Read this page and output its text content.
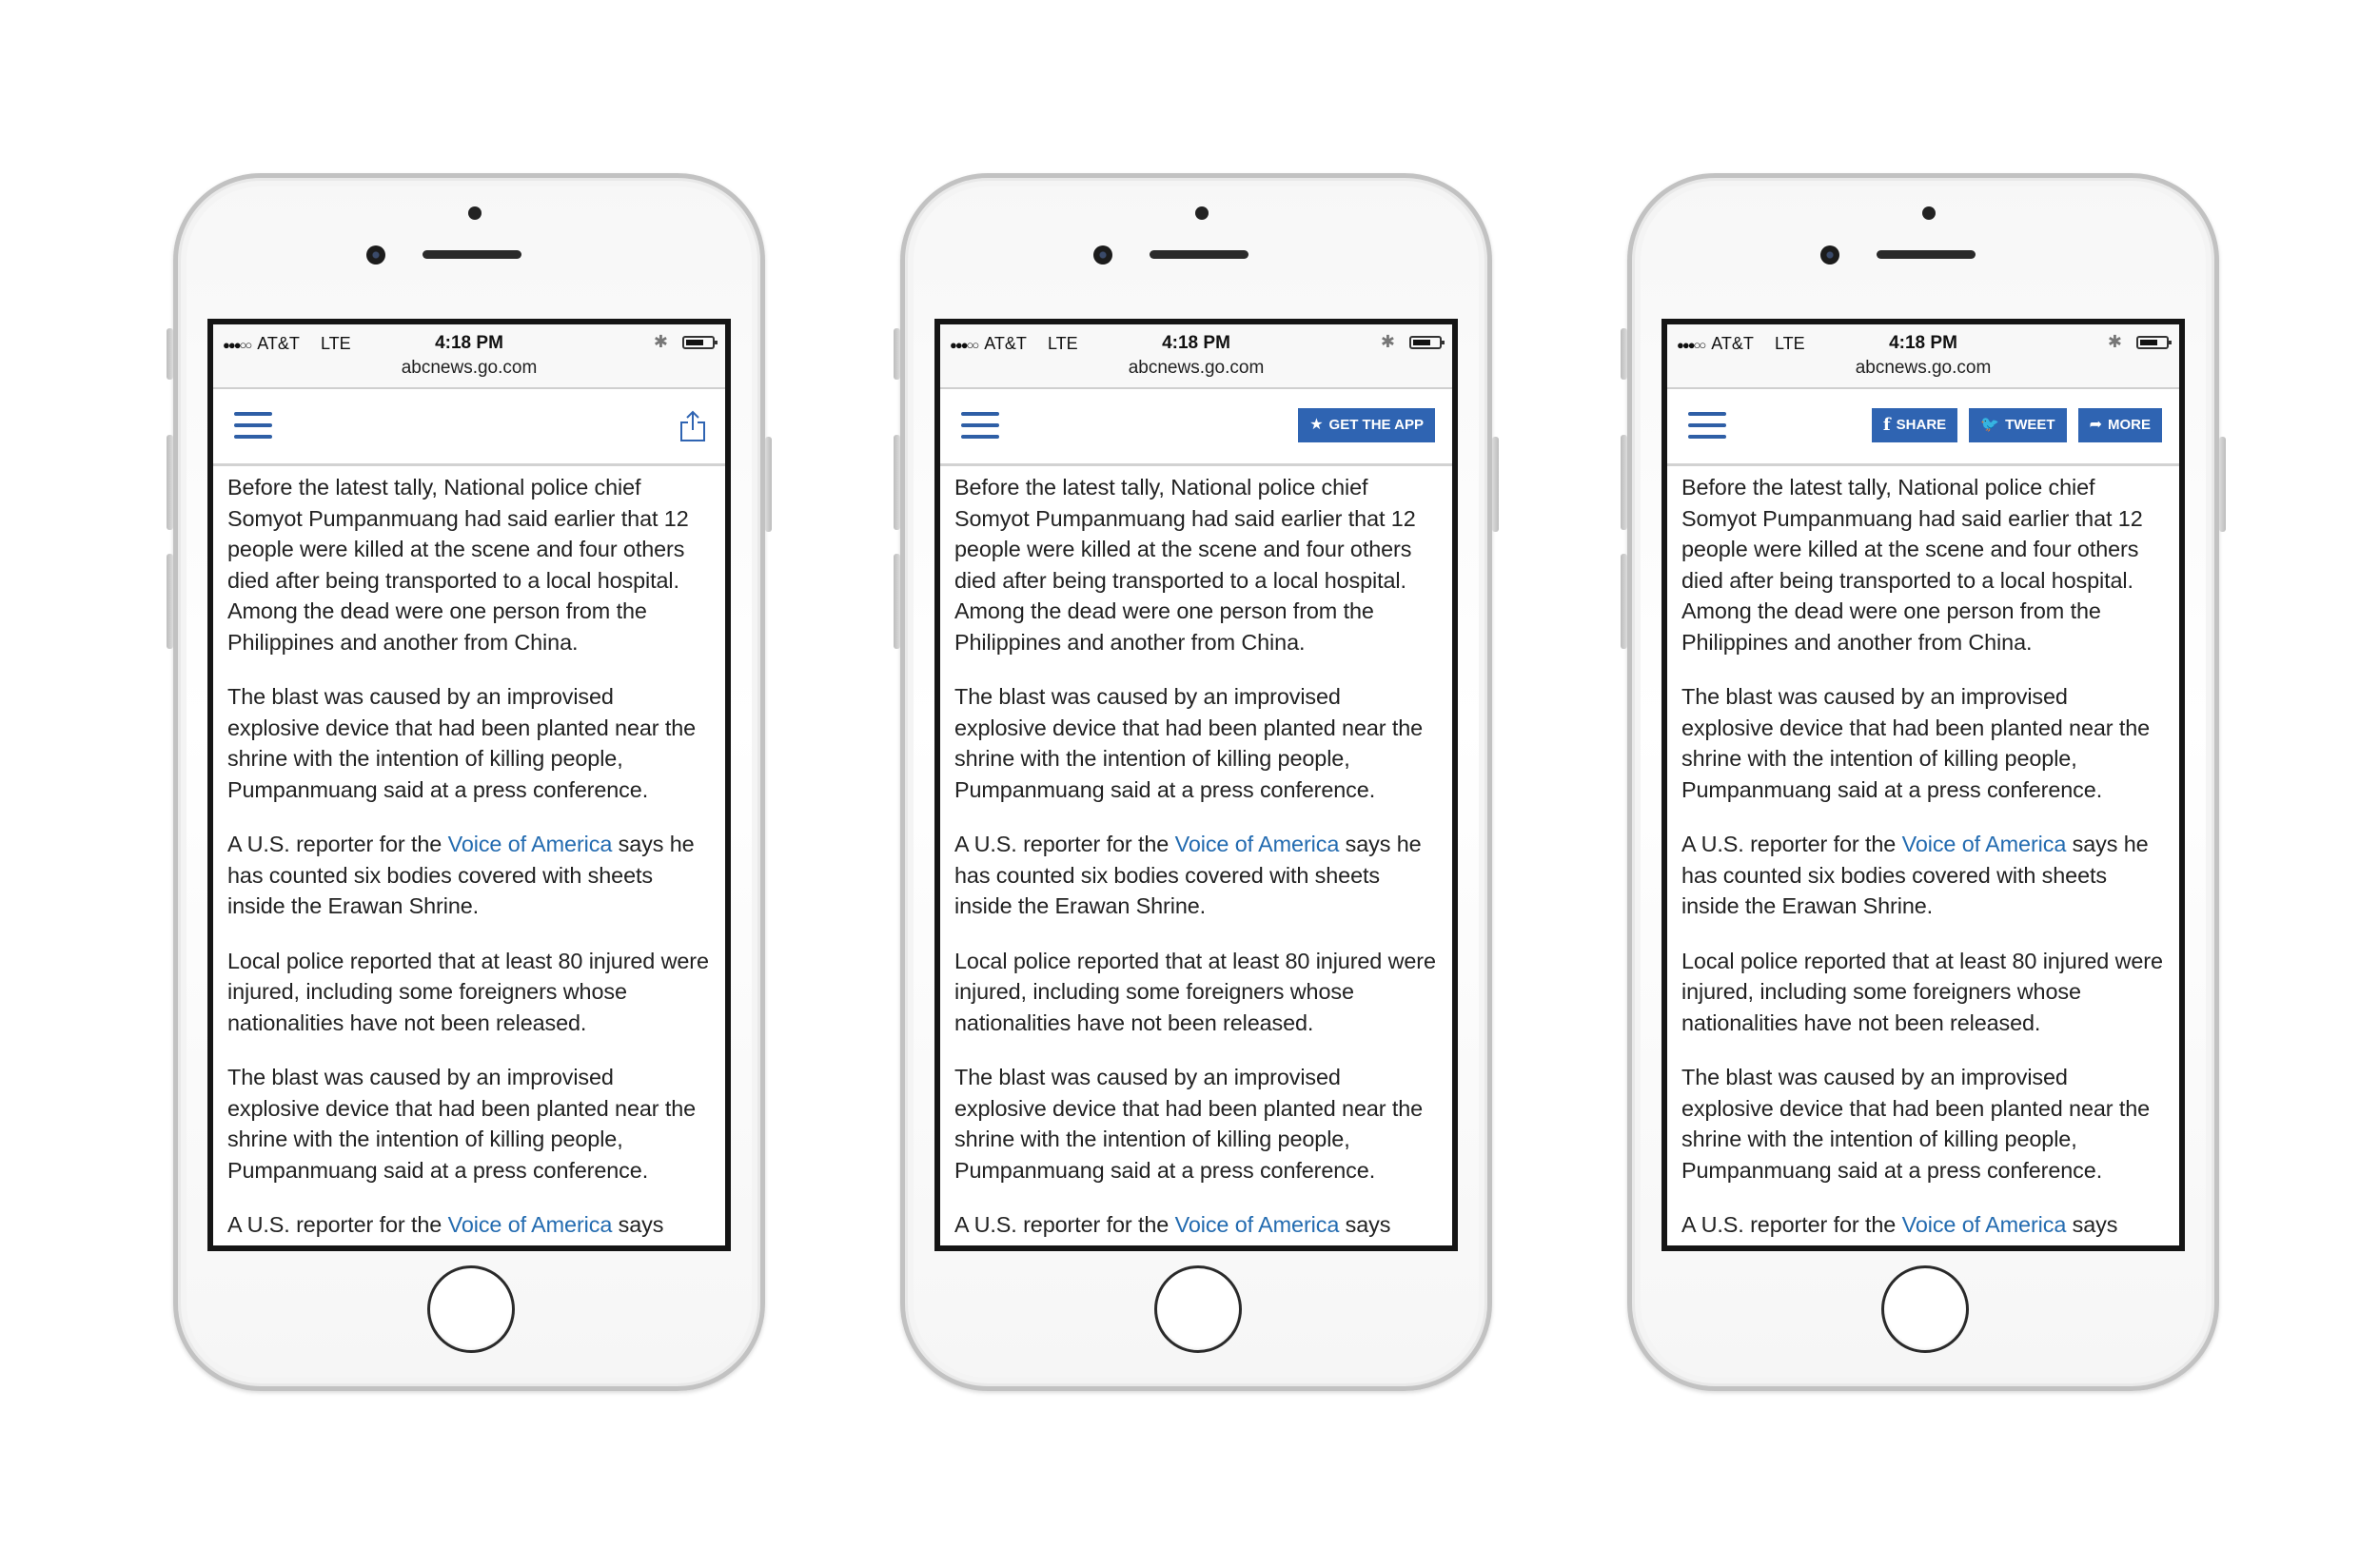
●●●○○ AT&T LTE	4:18 PM	✱
abcnews.go.com

Before the latest tally, National police chief Somyot Pumpanmuang had said earlier that 12 people were killed at the scene and four others died after being transported to a local hospital. Among the dead were one person from the Philippines and another from China.

The blast was caused by an improvised explosive device that had been planted near the shrine with the intention of killing people, Pumpanmuang said at a press conference.

A U.S. reporter for the Voice of America says he has counted six bodies covered with sheets inside the Erawan Shrine.

Local police reported that at least 80 injured were injured, including some foreigners whose nationalities have not been released.

The blast was caused by an improvised explosive device that had been planted near the shrine with the intention of killing people, Pumpanmuang said at a press conference.

A U.S. reporter for the Voice of America says

●●●○○ AT&T LTE	4:18 PM	✱
abcnews.go.com
★ GET THE APP

Before the latest tally, National police chief Somyot Pumpanmuang had said earlier that 12 people were killed at the scene and four others died after being transported to a local hospital. Among the dead were one person from the Philippines and another from China.

The blast was caused by an improvised explosive device that had been planted near the shrine with the intention of killing people, Pumpanmuang said at a press conference.

A U.S. reporter for the Voice of America says he has counted six bodies covered with sheets inside the Erawan Shrine.

Local police reported that at least 80 injured were injured, including some foreigners whose nationalities have not been released.

The blast was caused by an improvised explosive device that had been planted near the shrine with the intention of killing people, Pumpanmuang said at a press conference.

A U.S. reporter for the Voice of America says

●●●○○ AT&T LTE	4:18 PM	✱
abcnews.go.com
f SHARE 🐦 TWEET ➦ MORE

Before the latest tally, National police chief Somyot Pumpanmuang had said earlier that 12 people were killed at the scene and four others died after being transported to a local hospital. Among the dead were one person from the Philippines and another from China.

The blast was caused by an improvised explosive device that had been planted near the shrine with the intention of killing people, Pumpanmuang said at a press conference.

A U.S. reporter for the Voice of America says he has counted six bodies covered with sheets inside the Erawan Shrine.

Local police reported that at least 80 injured were injured, including some foreigners whose nationalities have not been released.

The blast was caused by an improvised explosive device that had been planted near the shrine with the intention of killing people, Pumpanmuang said at a press conference.

A U.S. reporter for the Voice of America says
